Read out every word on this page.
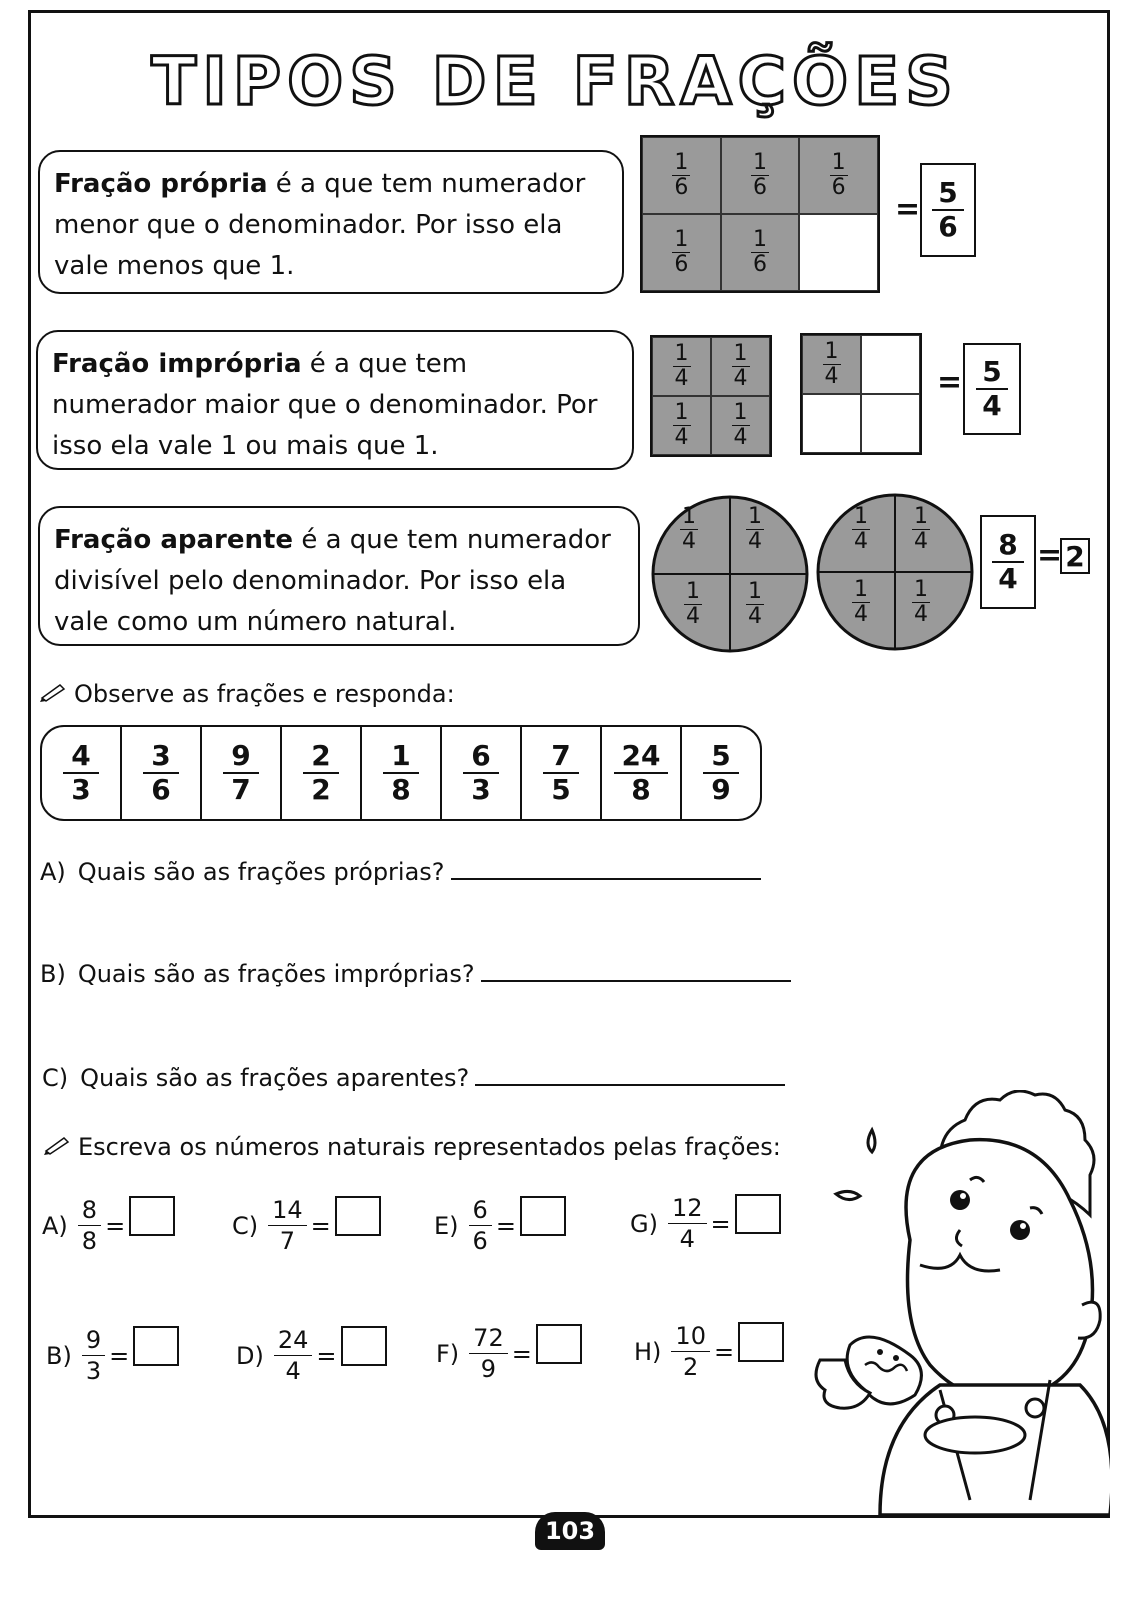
TIPOS DE FRAÇÕES
Fração própria é a que tem numerador menor que o denominador. Por isso ela vale menos que 1.
Fração imprópria é a que tem numerador maior que o denominador. Por isso ela vale 1 ou mais que 1.
Fração aparente é a que tem numerador divisível pelo denominador. Por isso ela vale como um número natural.
1
6
1
6
1
6
1
6
1
6
= 5
6
1
4
1
4
1
4
1
4
1
4	= 5
4
1
4
1
4
1
4
1
4
1
4
1
4
1
4
1
4
8
4
= 2
Observe as frações e responda:
4
3
3
6
9
7
2
2
1
8
6
3
7
5
24
8
5
9
A) Quais são as frações próprias?
B) Quais são as frações impróprias?
C) Quais são as frações aparentes?
Escreva os números naturais representados pelas frações:
$A) \frac{8}{8}$ =	$C) \frac{14}{7}$ =	$E) \frac{6}{6}$ =	$G) \frac{12}{4}$ =
$B) \frac{9}{3}$ =	$D) \frac{24}{4}$ =	$F) \frac{72}{9}$ =	$H) \frac{10}{2}$ =
103
